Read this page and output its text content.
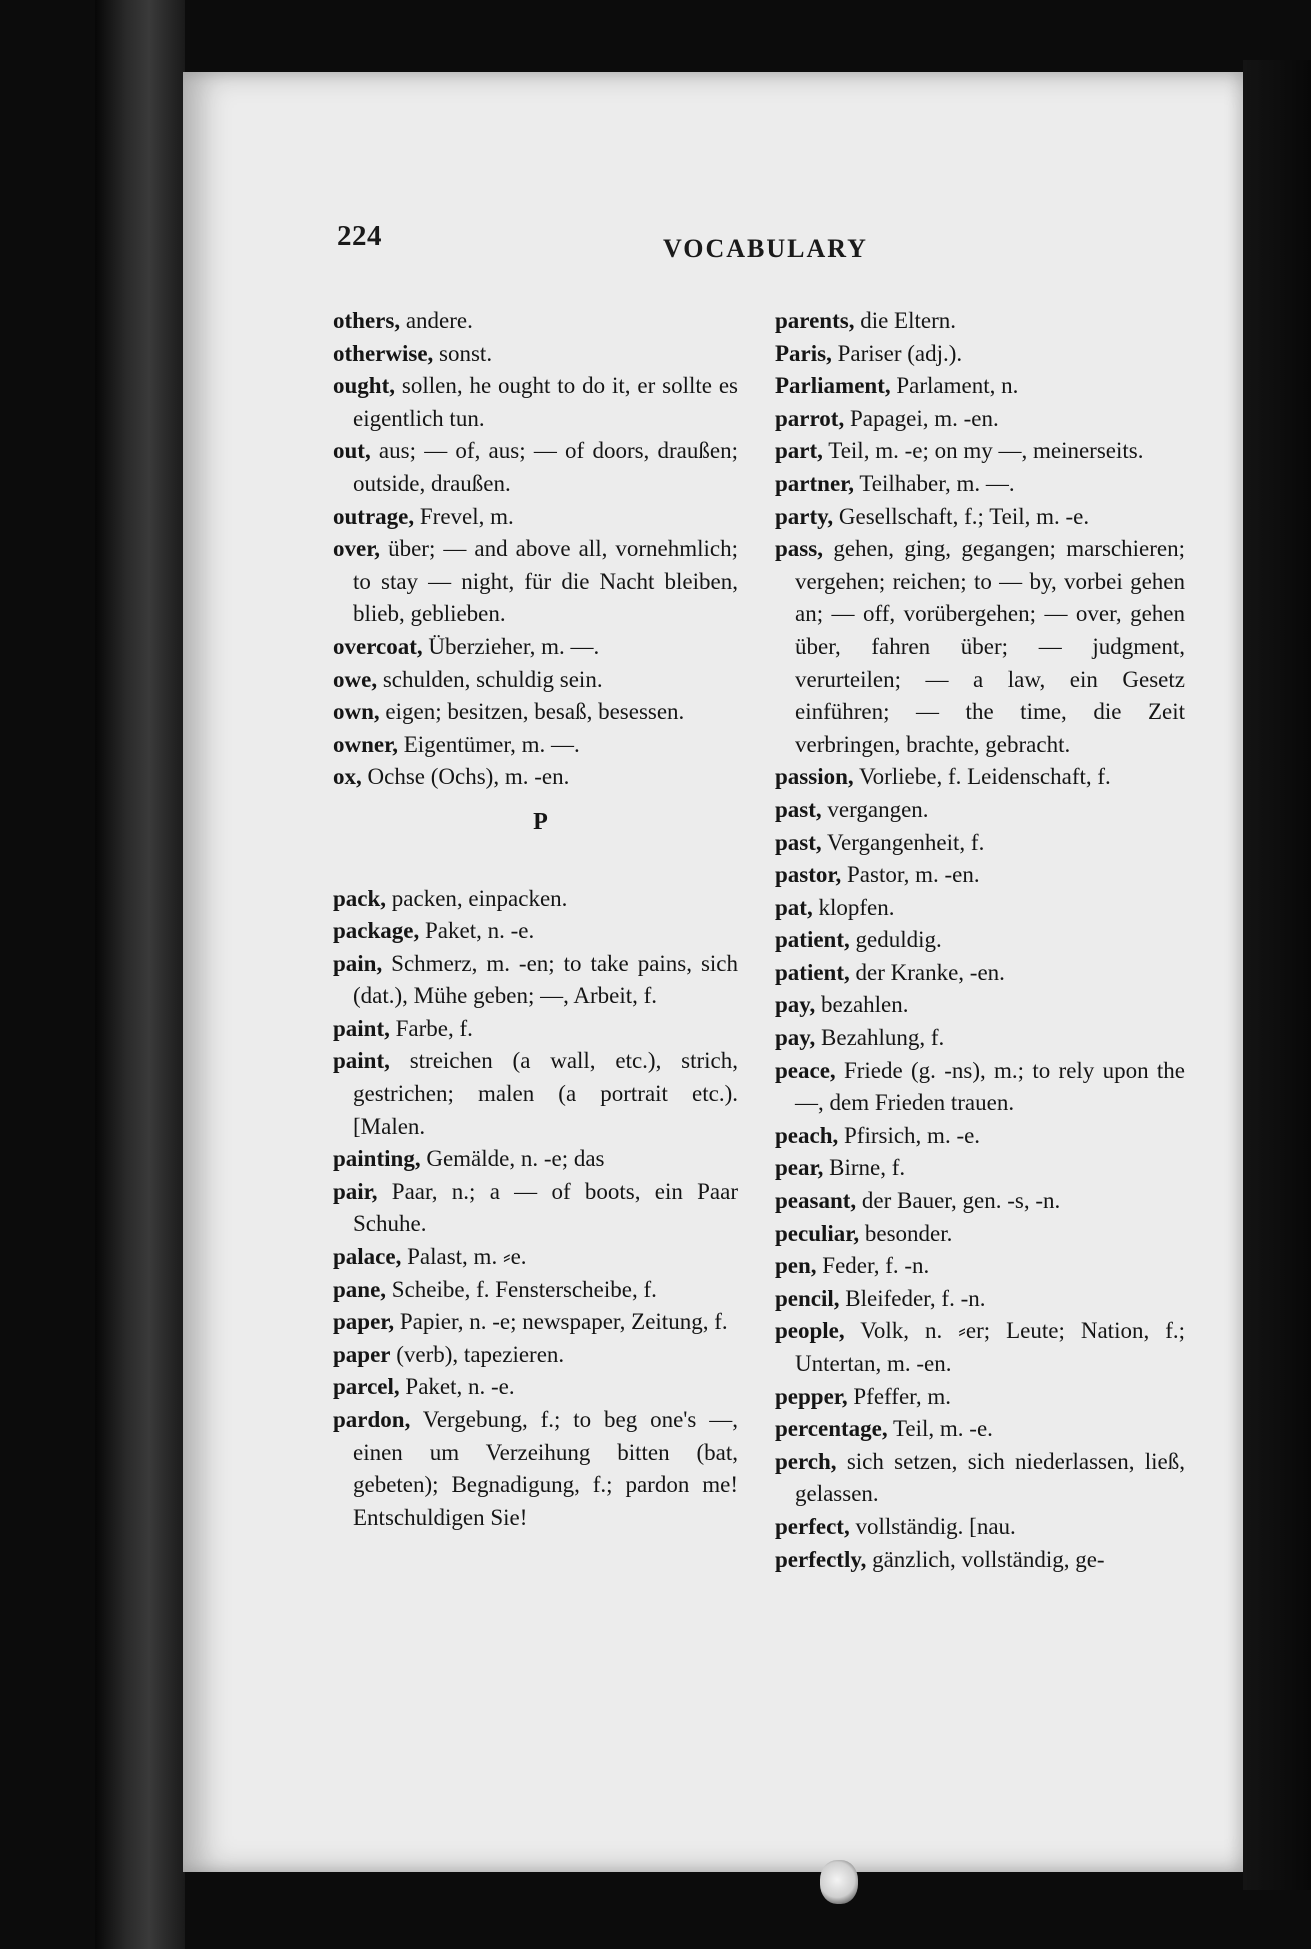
224	VOCABULARY
others, andere.
otherwise, sonst.
ought, sollen, he ought to do it, er sollte es eigentlich tun.
out, aus; — of, aus; — of doors, draußen; outside, draußen.
outrage, Frevel, m.
over, über; — and above all, vornehmlich; to stay — night, für die Nacht bleiben, blieb, geblieben.
overcoat, Überzieher, m. —.
owe, schulden, schuldig sein.
own, eigen; besitzen, besaß, besessen.
owner, Eigentümer, m. —.
ox, Ochse (Ochs), m. -en.
P
pack, packen, einpacken.
package, Paket, n. -e.
pain, Schmerz, m. -en; to take pains, sich (dat.), Mühe geben; —, Arbeit, f.
paint, Farbe, f.
paint, streichen (a wall, etc.), strich, gestrichen; malen (a portrait etc.). [Malen.
painting, Gemälde, n. -e; das
pair, Paar, n.; a — of boots, ein Paar Schuhe.
palace, Palast, m. ⸗e.
pane, Scheibe, f. Fensterscheibe, f.
paper, Papier, n. -e; newspaper, Zeitung, f.
paper (verb), tapezieren.
parcel, Paket, n. -e.
pardon, Vergebung, f.; to beg one's —, einen um Verzeihung bitten (bat, gebeten); Begnadigung, f.; pardon me! Entschuldigen Sie!
parents, die Eltern.
Paris, Pariser (adj.).
Parliament, Parlament, n.
parrot, Papagei, m. -en.
part, Teil, m. -e; on my —, meinerseits.
partner, Teilhaber, m. —.
party, Gesellschaft, f.; Teil, m. -e.
pass, gehen, ging, gegangen; marschieren; vergehen; reichen; to — by, vorbei gehen an; — off, vorübergehen; — over, gehen über, fahren über; — judgment, verurteilen; — a law, ein Gesetz einführen; — the time, die Zeit verbringen, brachte, gebracht.
passion, Vorliebe, f. Leidenschaft, f.
past, vergangen.
past, Vergangenheit, f.
pastor, Pastor, m. -en.
pat, klopfen.
patient, geduldig.
patient, der Kranke, -en.
pay, bezahlen.
pay, Bezahlung, f.
peace, Friede (g. -ns), m.; to rely upon the —, dem Frieden trauen.
peach, Pfirsich, m. -e.
pear, Birne, f.
peasant, der Bauer, gen. -s, -n.
peculiar, besonder.
pen, Feder, f. -n.
pencil, Bleifeder, f. -n.
people, Volk, n. ⸗er; Leute; Nation, f.; Untertan, m. -en.
pepper, Pfeffer, m.
percentage, Teil, m. -e.
perch, sich setzen, sich niederlassen, ließ, gelassen.
perfect, vollständig. [nau.
perfectly, gänzlich, vollständig, ge-
